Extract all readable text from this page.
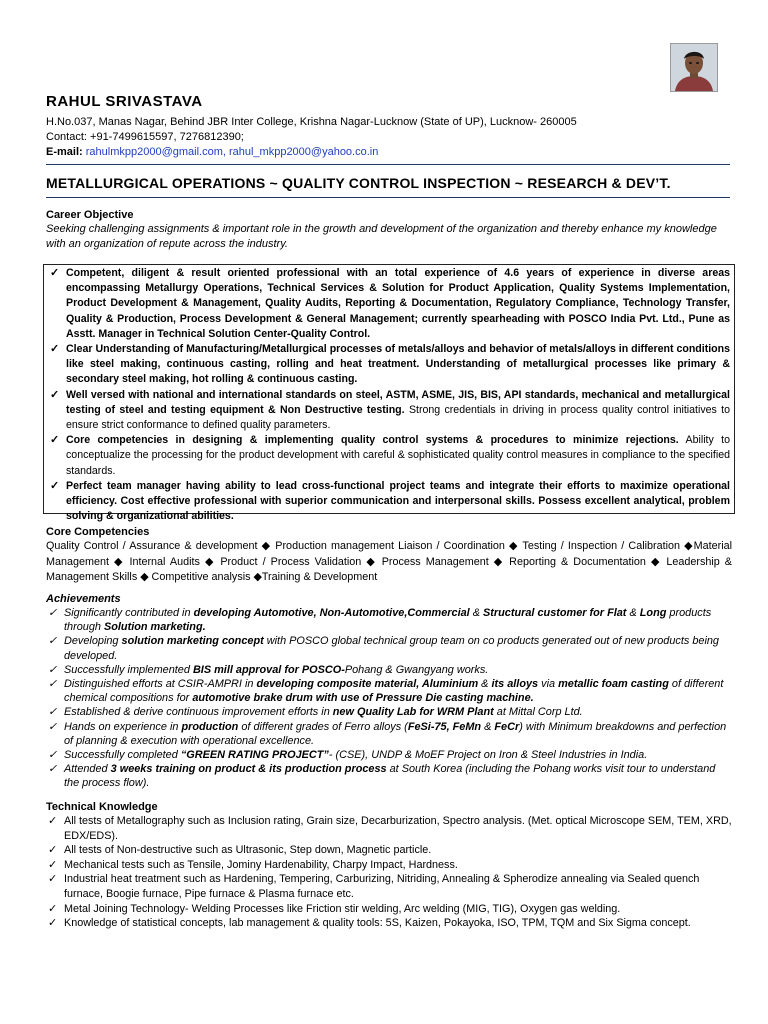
RAHUL SRIVASTAVA
H.No.037, Manas Nagar, Behind JBR Inter College, Krishna Nagar-Lucknow (State of UP), Lucknow- 260005
Contact: +91-7499615597, 7276812390;
E-mail: rahulmkpp2000@gmail.com, rahul_mkpp2000@yahoo.co.in
METALLURGICAL OPERATIONS ~ QUALITY CONTROL INSPECTION ~ RESEARCH & DEV’T.
Career Objective

Seeking challenging assignments & important role in the growth and development of the organization and thereby enhance my knowledge with an organization of repute across the industry.

✓ Competent, diligent & result oriented professional with an total experience of 4.6 years of experience in diverse areas encompassing Metallurgy Operations, Technical Services & Solution for Product Application, Quality Systems Implementation, Product Development & Management, Quality Audits, Reporting & Documentation, Regulatory Compliance, Technology Transfer, Quality & Production, Process Development & General Management; currently spearheading with POSCO India Pvt. Ltd., Pune as Asstt. Manager in Technical Solution Center-Quality Control.
✓ Clear Understanding of Manufacturing/Metallurgical processes of metals/alloys and behavior of metals/alloys in different conditions like steel making, continuous casting, rolling and heat treatment. Understanding of metallurgical processes like primary & secondary steel making, hot rolling & continuous casting.
✓ Well versed with national and international standards on steel, ASTM, ASME, JIS, BIS, API standards, mechanical and metallurgical testing of steel and testing equipment & Non Destructive testing. Strong credentials in driving in process quality control initiatives to ensure strict conformance to defined quality parameters.
✓ Core competencies in designing & implementing quality control systems & procedures to minimize rejections. Ability to conceptualize the processing for the product development with careful & sophisticated quality control measures in compliance to the specified standards.
✓ Perfect team manager having ability to lead cross-functional project teams and integrate their efforts to maximize operational efficiency. Cost effective professional with superior communication and interpersonal skills. Possess excellent analytical, problem solving & organizational abilities.
Core Competencies

Quality Control / Assurance & development ◆ Production management Liaison / Coordination ◆ Testing / Inspection / Calibration ◆Material Management ◆ Internal Audits ◆ Product / Process Validation ◆ Process Management ◆ Reporting & Documentation ◆ Leadership & Management Skills ◆ Competitive analysis ◆Training & Development

Achievements
✓ Significantly contributed in developing Automotive, Non-Automotive,Commercial & Structural customer for Flat & Long products through Solution marketing.
✓ Developing solution marketing concept with POSCO global technical group team on co products generated out of new products being developed.
✓ Successfully implemented BIS mill approval for POSCO-Pohang & Gwangyang works.
✓ Distinguished efforts at CSIR-AMPRI in developing composite material, Aluminium & its alloys via metallic foam casting of different chemical compositions for automotive brake drum with use of Pressure Die casting machine.
✓ Established & derive continuous improvement efforts in new Quality Lab for WRM Plant at Mittal Corp Ltd.
✓ Hands on experience in production of different grades of Ferro alloys (FeSi-75, FeMn & FeCr) with Minimum breakdowns and perfection of planning & execution with operational excellence.
✓ Successfully completed “GREEN RATING PROJECT”- (CSE), UNDP & MoEF Project on Iron & Steel Industries in India.
✓ Attended 3 weeks training on product & its production process at South Korea (including the Pohang works visit tour to understand the process flow).
Technical Knowledge
✓ All tests of Metallography such as Inclusion rating, Grain size, Decarburization, Spectro analysis. (Met. optical Microscope SEM, TEM, XRD, EDX/EDS).
✓ All tests of Non-destructive such as Ultrasonic, Step down, Magnetic particle.
✓ Mechanical tests such as Tensile, Jominy Hardenability, Charpy Impact, Hardness.
✓ Industrial heat treatment such as Hardening, Tempering, Carburizing, Nitriding, Annealing & Spherodize annealing via Sealed quench furnace, Boogie furnace, Pipe furnace & Plasma furnace etc.
✓ Metal Joining Technology- Welding Processes like Friction stir welding, Arc welding (MIG, TIG), Oxygen gas welding.
✓ Knowledge of statistical concepts, lab management & quality tools: 5S, Kaizen, Pokayoka, ISO, TPM, TQM and Six Sigma concept.
